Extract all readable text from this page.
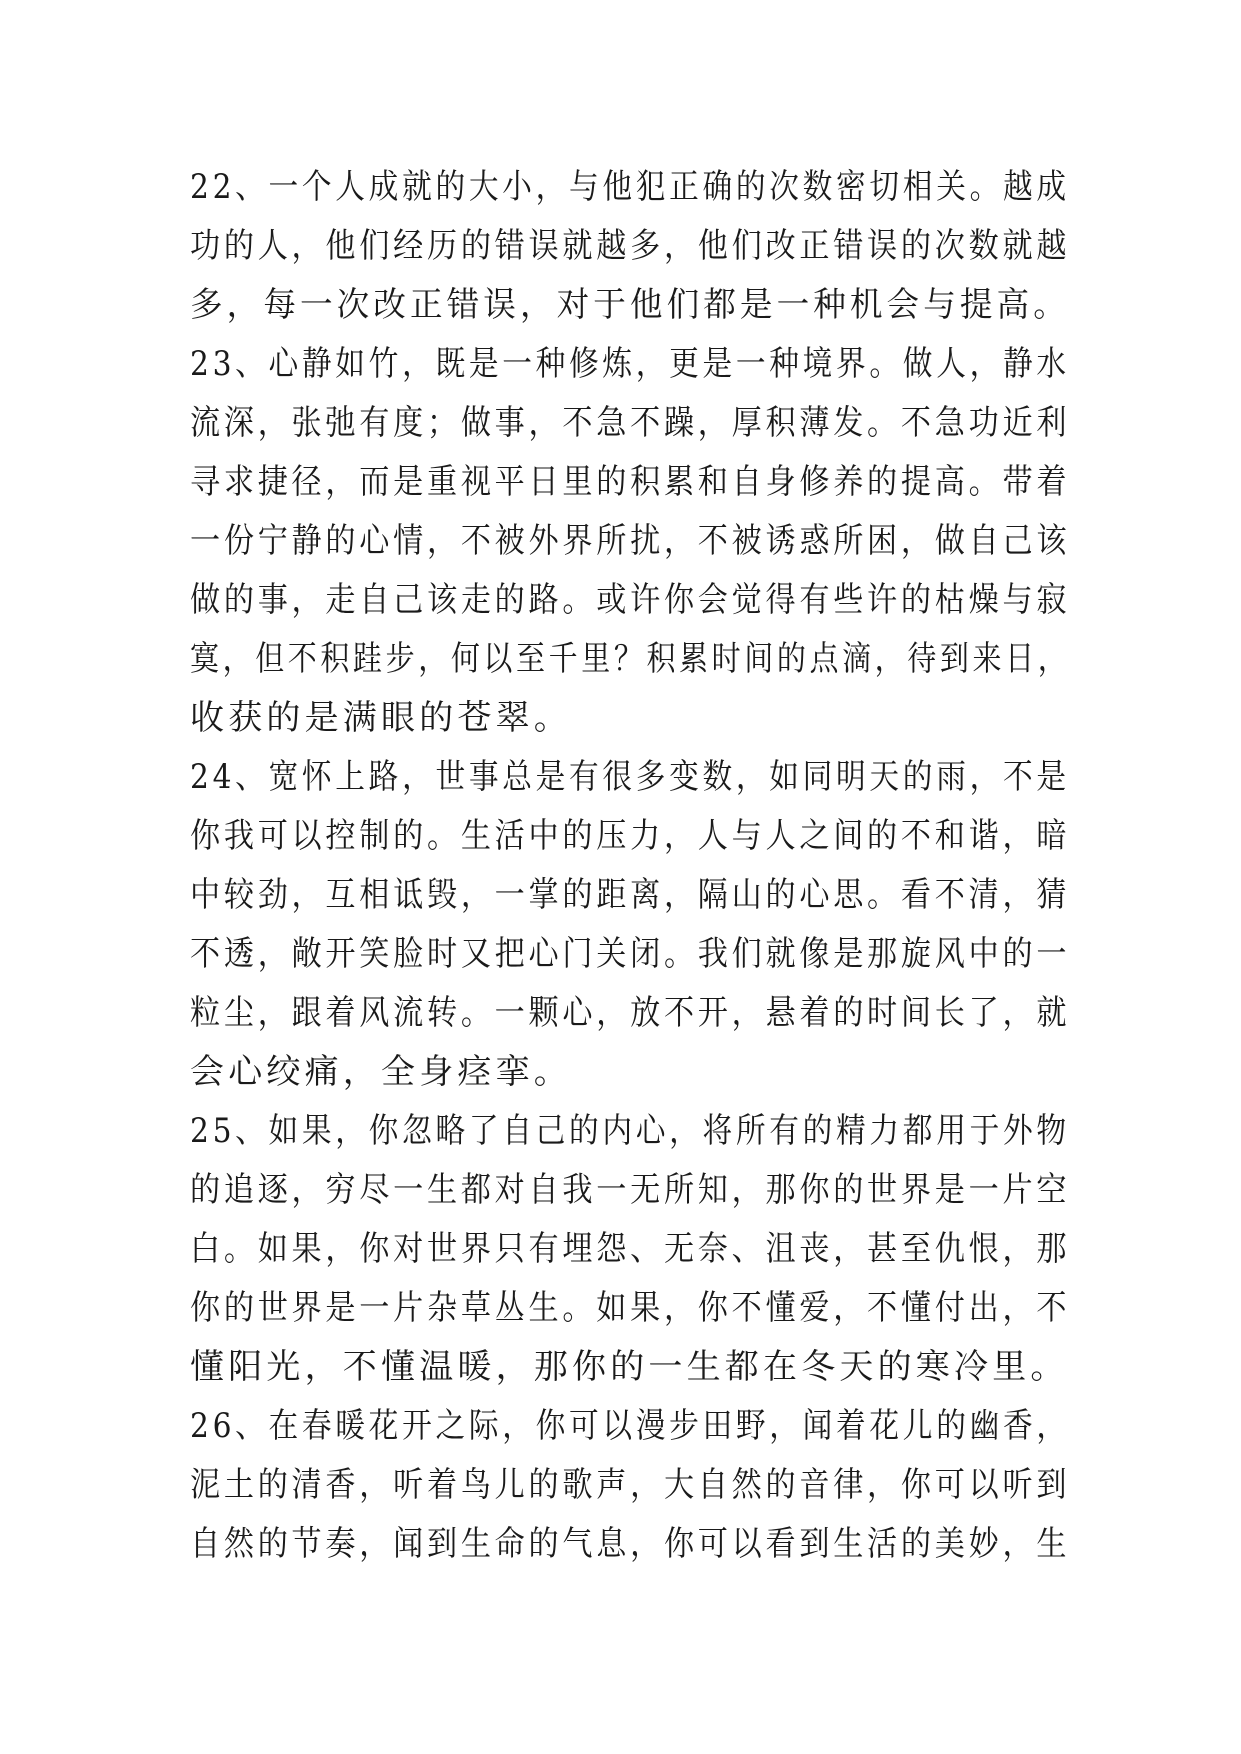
22、一个人成就的大小，与他犯正确的次数密切相关。越成
功的人，他们经历的错误就越多，他们改正错误的次数就越
多，每一次改正错误，对于他们都是一种机会与提高。

23、心静如竹，既是一种修炼，更是一种境界。做人，静水
流深，张弛有度；做事，不急不躁，厚积薄发。不急功近利
寻求捷径，而是重视平日里的积累和自身修养的提高。带着
一份宁静的心情，不被外界所扰，不被诱惑所困，做自己该
做的事，走自己该走的路。或许你会觉得有些许的枯燥与寂
寞，但不积跬步，何以至千里？积累时间的点滴，待到来日，
收获的是满眼的苍翠。

24、宽怀上路，世事总是有很多变数，如同明天的雨，不是
你我可以控制的。生活中的压力，人与人之间的不和谐，暗
中较劲，互相诋毁，一掌的距离，隔山的心思。看不清，猜
不透，敞开笑脸时又把心门关闭。我们就像是那旋风中的一
粒尘，跟着风流转。一颗心，放不开，悬着的时间长了，就
会心绞痛，全身痉挛。

25、如果，你忽略了自己的内心，将所有的精力都用于外物
的追逐，穷尽一生都对自我一无所知，那你的世界是一片空
白。如果，你对世界只有埋怨、无奈、沮丧，甚至仇恨，那
你的世界是一片杂草丛生。如果，你不懂爱，不懂付出，不
懂阳光，不懂温暖，那你的一生都在冬天的寒冷里。

26、在春暖花开之际，你可以漫步田野，闻着花儿的幽香，
泥土的清香，听着鸟儿的歌声，大自然的音律，你可以听到
自然的节奏，闻到生命的气息，你可以看到生活的美妙，生
